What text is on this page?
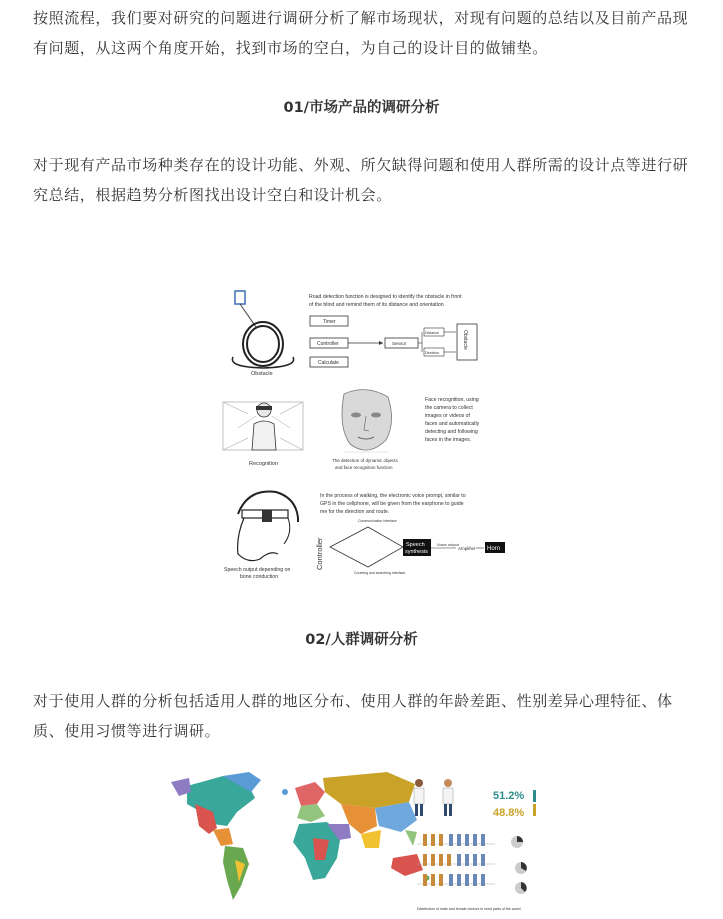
按照流程，我们要对研究的问题进行调研分析了解市场现状，对现有问题的总结以及目前产品现有问题，从这两个角度开始，找到市场的空白，为自己的设计目的做铺垫。

01/市场产品的调研分析

对于现有产品市场种类存在的设计功能、外观、所欠缺得问题和使用人群所需的设计点等进行研究总结，根据趋势分析图找出设计空白和设计机会。

Obstacle
Road detection function is designed to identify the obstacle in front
of the blind and remind them of its distance and orientation
Timer
Controller
Calculate
Sensor
Distance
Direction
Obstacle
Recognition
The detection of dynamic objects
and face recognition function
Face recognition, using
the camera to collect
images or videos of
faces and automatically
detecting and following
faces in the images.
Speech output depending on
bone conduction
In the process of walking, the electronic voice prompt, similar to
GPS in the cellphone, will be given from the earphone to guide
me for the direction and route.
Controller
Communication interface
Counting and searching interface
Speech
synthesis
Voice output
Amplifier Horn

02/人群调研分析

对于使用人群的分析包括适用人群的地区分布、使用人群的年龄差距、性别差异心理特征、体质、使用习惯等进行调研。

51.2%
48.8%
Distribution of male and female doctors in most parts of the world
